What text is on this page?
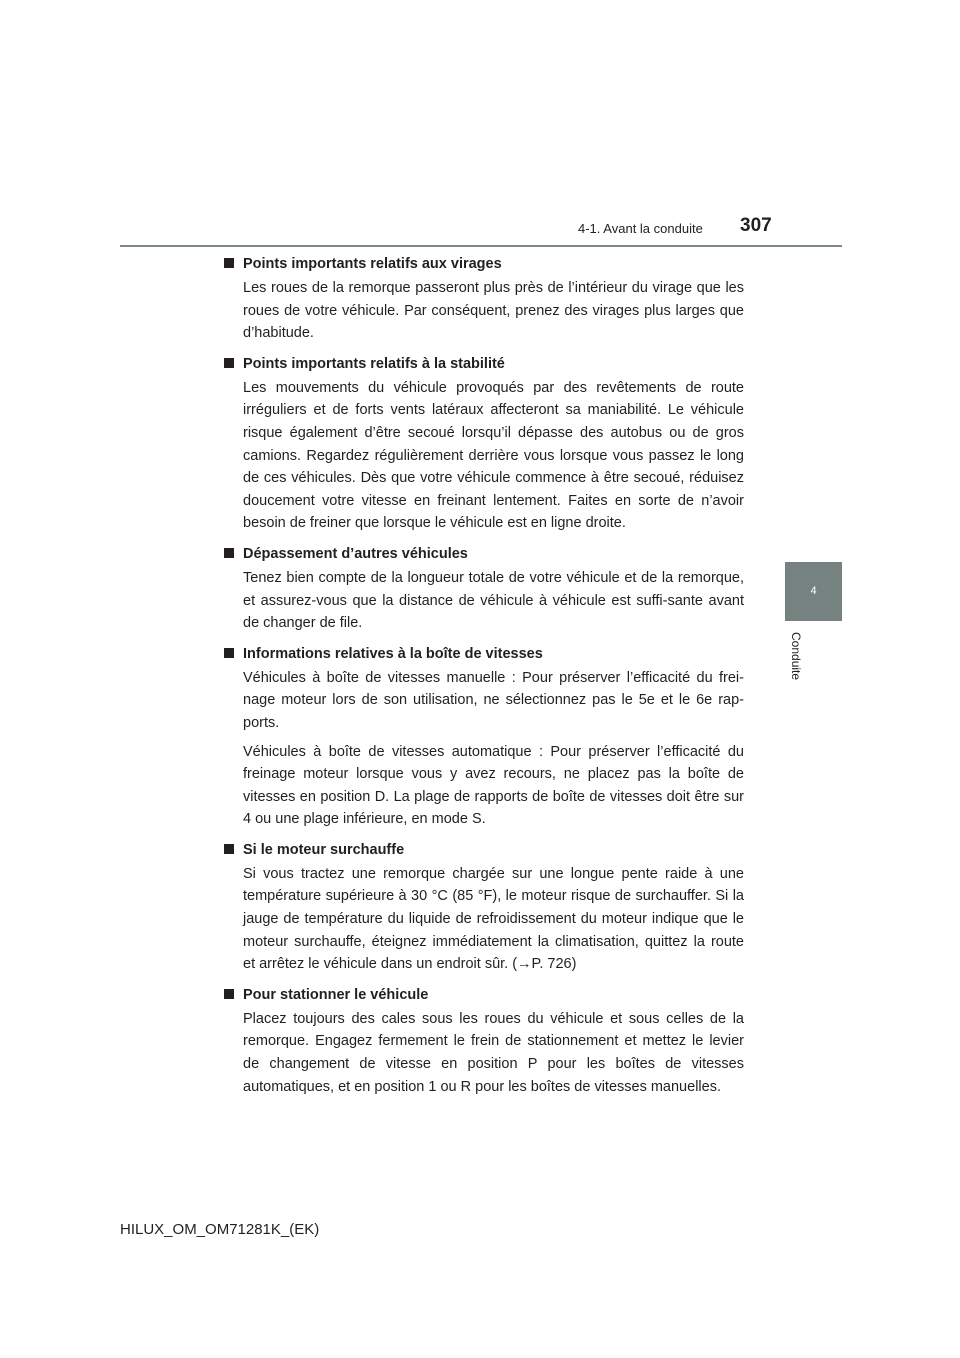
4-1. Avant la conduite 307
4
Conduite
Points importants relatifs aux virages

Les roues de la remorque passeront plus près de l’intérieur du virage que les roues de votre véhicule. Par conséquent, prenez des virages plus larges que d’habitude.

Points importants relatifs à la stabilité

Les mouvements du véhicule provoqués par des revêtements de route irréguliers et de forts vents latéraux affecteront sa maniabilité. Le véhicule risque également d’être secoué lorsqu’il dépasse des autobus ou de gros camions. Regardez régulièrement derrière vous lorsque vous passez le long de ces véhicules. Dès que votre véhicule commence à être secoué, réduisez doucement votre vitesse en freinant lentement. Faites en sorte de n’avoir besoin de freiner que lorsque le véhicule est en ligne droite.

Dépassement d’autres véhicules

Tenez bien compte de la longueur totale de votre véhicule et de la remorque, et assurez-vous que la distance de véhicule à véhicule est suffi-sante avant de changer de file.

Informations relatives à la boîte de vitesses

Véhicules à boîte de vitesses manuelle : Pour préserver l’efficacité du frei-nage moteur lors de son utilisation, ne sélectionnez pas le 5e et le 6e rap-ports.

Véhicules à boîte de vitesses automatique : Pour préserver l’efficacité du freinage moteur lorsque vous y avez recours, ne placez pas la boîte de vitesses en position D. La plage de rapports de boîte de vitesses doit être sur 4 ou une plage inférieure, en mode S.

Si le moteur surchauffe

Si vous tractez une remorque chargée sur une longue pente raide à une température supérieure à 30 °C (85 °F), le moteur risque de surchauffer. Si la jauge de température du liquide de refroidissement du moteur indique que le moteur surchauffe, éteignez immédiatement la climatisation, quittez la route et arrêtez le véhicule dans un endroit sûr. (→P. 726)

Pour stationner le véhicule

Placez toujours des cales sous les roues du véhicule et sous celles de la remorque. Engagez fermement le frein de stationnement et mettez le levier de changement de vitesse en position P pour les boîtes de vitesses automatiques, et en position 1 ou R pour les boîtes de vitesses manuelles.

HILUX_OM_OM71281K_(EK)
